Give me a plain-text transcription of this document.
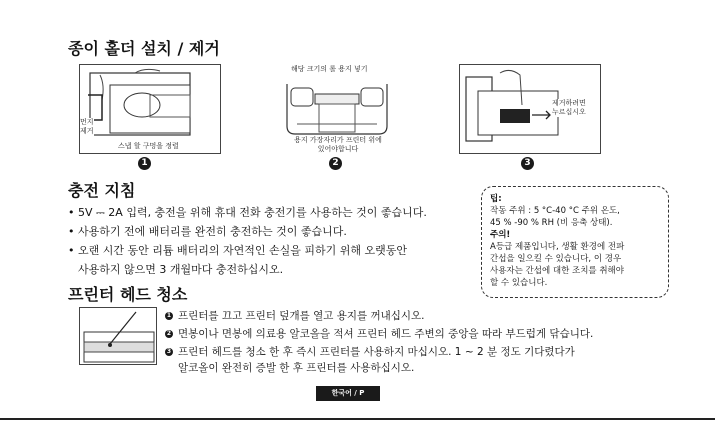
종이 홀더 설치 / 제거
먼지
제거
스냅 할 구멍을 정렬
해당 크기의 롤 용지 넣기
용지 가장자리가 프린터 위에
있어야합니다
제거하려면
누르십시오
1	2	3
충전 지침
• 5V ⎓ 2A 입력, 충전을 위해 휴대 전화 충전기를 사용하는 것이 좋습니다.
• 사용하기 전에 배터리를 완전히 충전하는 것이 좋습니다.
• 오랜 시간 동안 리튬 배터리의 자연적인 손실을 피하기 위해 오랫동안
사용하지 않으면 3 개월마다 충전하십시오.
팁:
작동 주위 : 5 °C-40 °C 주위 온도,
45 % -90 % RH (비 응축 상태).
주의!
A등급 제품입니다, 생활 환경에 전파
간섭을 일으킬 수 있습니다, 이 경우
사용자는 간섭에 대한 조치를 취해야
할 수 있습니다.
프린터 헤드 청소
1 프린터를 끄고 프린터 덮개를 열고 용지를 꺼내십시오.
2 면봉이나 면봉에 의료용 알코올을 적셔 프린터 헤드 주변의 중앙을 따라 부드럽게 닦습니다.
3 프린터 헤드를 청소 한 후 즉시 프린터를 사용하지 마십시오. 1 ~ 2 분 정도 기다렸다가
알코올이 완전히 증발 한 후 프린터를 사용하십시오.
한국어 / P
